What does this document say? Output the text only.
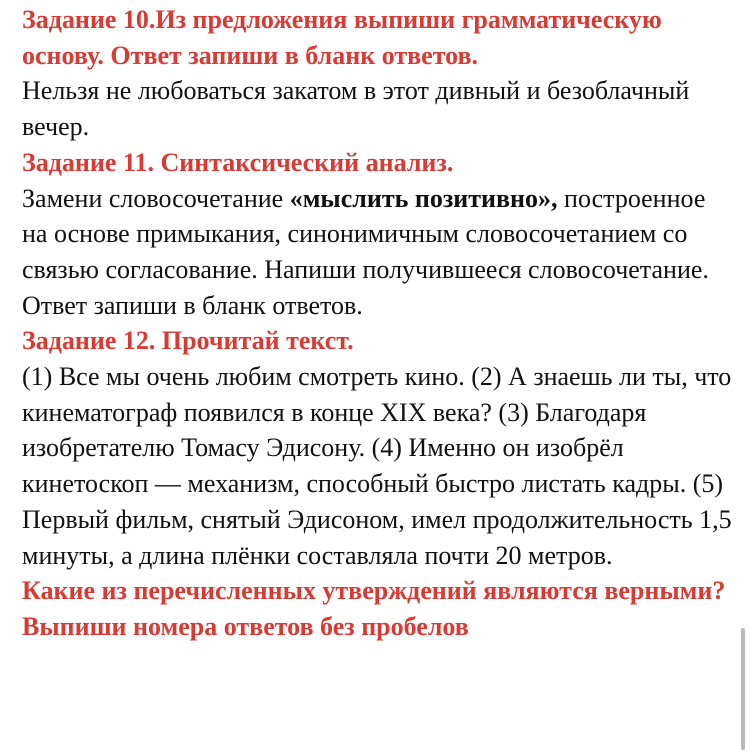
Задание 10.Из предложения выпиши грамматическую основу. Ответ запиши в бланк ответов.

Нельзя не любоваться закатом в этот дивный и безоблачный вечер.

Задание 11. Синтаксический анализ.

Замени словосочетание «мыслить позитивно», построенное на основе примыкания, синонимичным словосочетанием со связью согласование. Напиши получившееся словосочетание. Ответ запиши в бланк ответов.

Задание 12. Прочитай текст.

(1) Все мы очень любим смотреть кино. (2) А знаешь ли ты, что кинематограф появился в конце XIX века? (3) Благодаря изобретателю Томасу Эдисону. (4) Именно он изобрёл кинетоскоп — механизм, способный быстро листать кадры. (5) Первый фильм, снятый Эдисоном, имел продолжительность 1,5 минуты, а длина плёнки составляла почти 20 метров.

Какие из перечисленных утверждений являются верными? Выпиши номера ответов без пробелов
